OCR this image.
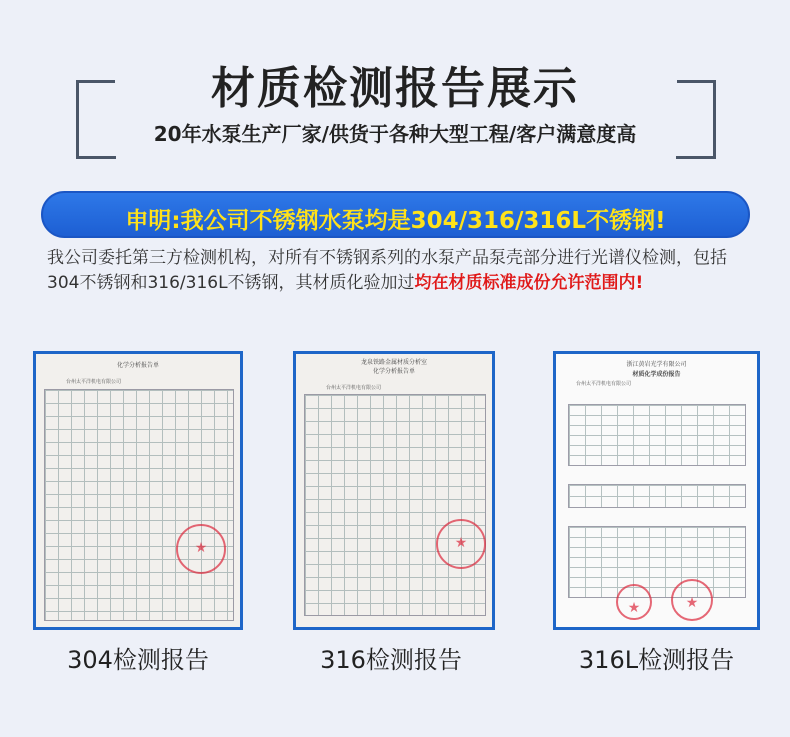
材质检测报告展示
20年水泵生产厂家/供货于各种大型工程/客户满意度高
申明:我公司不锈钢水泵均是304/316/316L不锈钢!
我公司委托第三方检测机构，对所有不锈钢系列的水泵产品泵壳部分进行光谱仪检测，包括304不锈钢和316/316L不锈钢，其材质化验加过均在材质标准成份允许范围内!
化学分析报告单
台州太平洋机电有限公司
★
龙泉铁路金属材质分析室
化学分析报告单
台州太平洋机电有限公司
★
浙江黄岩光学有限公司
材质化学成份报告
台州太平洋机电有限公司
★
★
304检测报告	316检测报告	316L检测报告
